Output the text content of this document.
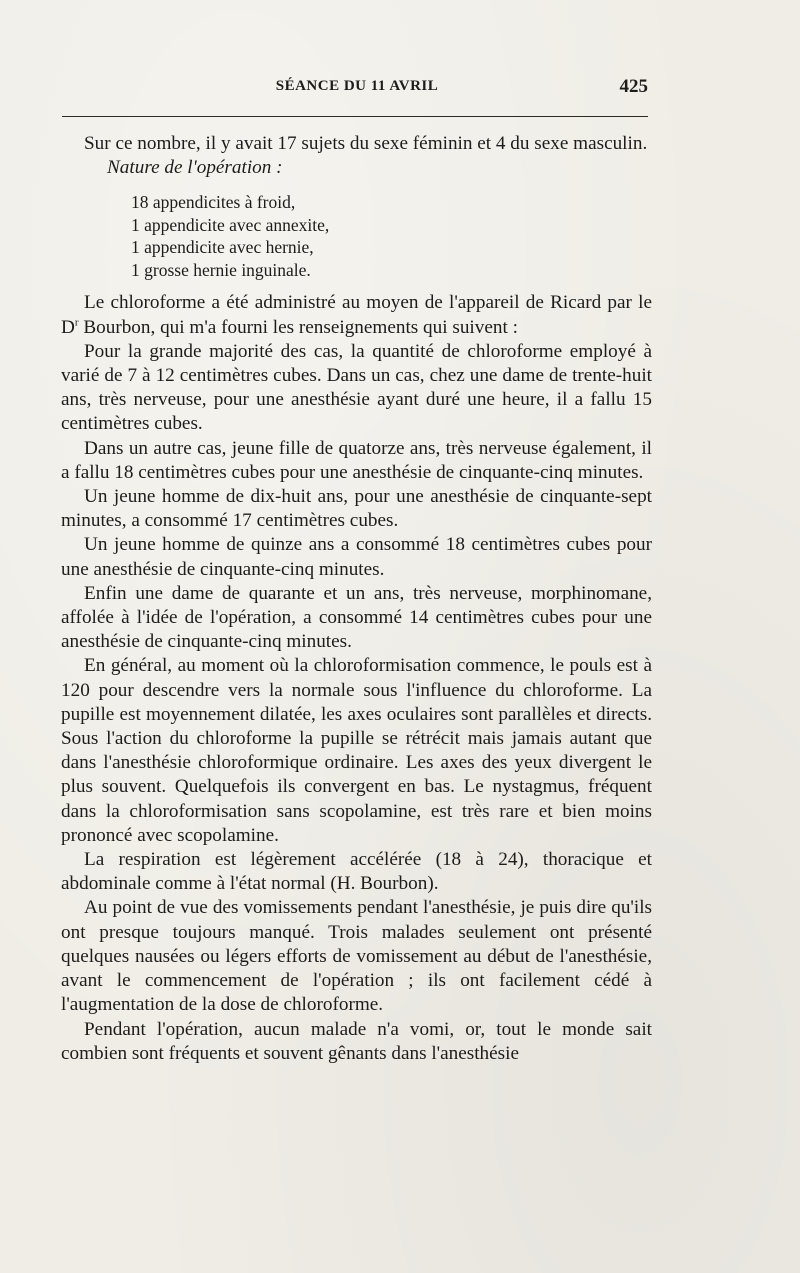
SÉANCE DU 11 AVRIL	425

Sur ce nombre, il y avait 17 sujets du sexe féminin et 4 du sexe masculin.

Nature de l'opération :

18 appendicites à froid,
1 appendicite avec annexite,
1 appendicite avec hernie,
1 grosse hernie inguinale.

Le chloroforme a été administré au moyen de l'appareil de Ricard par le $D^r$ Bourbon, qui m'a fourni les renseignements qui suivent :

Pour la grande majorité des cas, la quantité de chloroforme employé à varié de 7 à 12 centimètres cubes. Dans un cas, chez une dame de trente-huit ans, très nerveuse, pour une anesthésie ayant duré une heure, il a fallu 15 centimètres cubes.

Dans un autre cas, jeune fille de quatorze ans, très nerveuse également, il a fallu 18 centimètres cubes pour une anesthésie de cinquante-cinq minutes.

Un jeune homme de dix-huit ans, pour une anesthésie de cinquante-sept minutes, a consommé 17 centimètres cubes.

Un jeune homme de quinze ans a consommé 18 centimètres cubes pour une anesthésie de cinquante-cinq minutes.

Enfin une dame de quarante et un ans, très nerveuse, morphinomane, affolée à l'idée de l'opération, a consommé 14 centimètres cubes pour une anesthésie de cinquante-cinq minutes.

En général, au moment où la chloroformisation commence, le pouls est à 120 pour descendre vers la normale sous l'influence du chloroforme. La pupille est moyennement dilatée, les axes oculaires sont parallèles et directs. Sous l'action du chloroforme la pupille se rétrécit mais jamais autant que dans l'anesthésie chloroformique ordinaire. Les axes des yeux divergent le plus souvent. Quelquefois ils convergent en bas. Le nystagmus, fréquent dans la chloroformisation sans scopolamine, est très rare et bien moins prononcé avec scopolamine.

La respiration est légèrement accélérée (18 à 24), thoracique et abdominale comme à l'état normal (H. Bourbon).

Au point de vue des vomissements pendant l'anesthésie, je puis dire qu'ils ont presque toujours manqué. Trois malades seulement ont présenté quelques nausées ou légers efforts de vomissement au début de l'anesthésie, avant le commencement de l'opération ; ils ont facilement cédé à l'augmentation de la dose de chloroforme.

Pendant l'opération, aucun malade n'a vomi, or, tout le monde sait combien sont fréquents et souvent gênants dans l'anesthésie
